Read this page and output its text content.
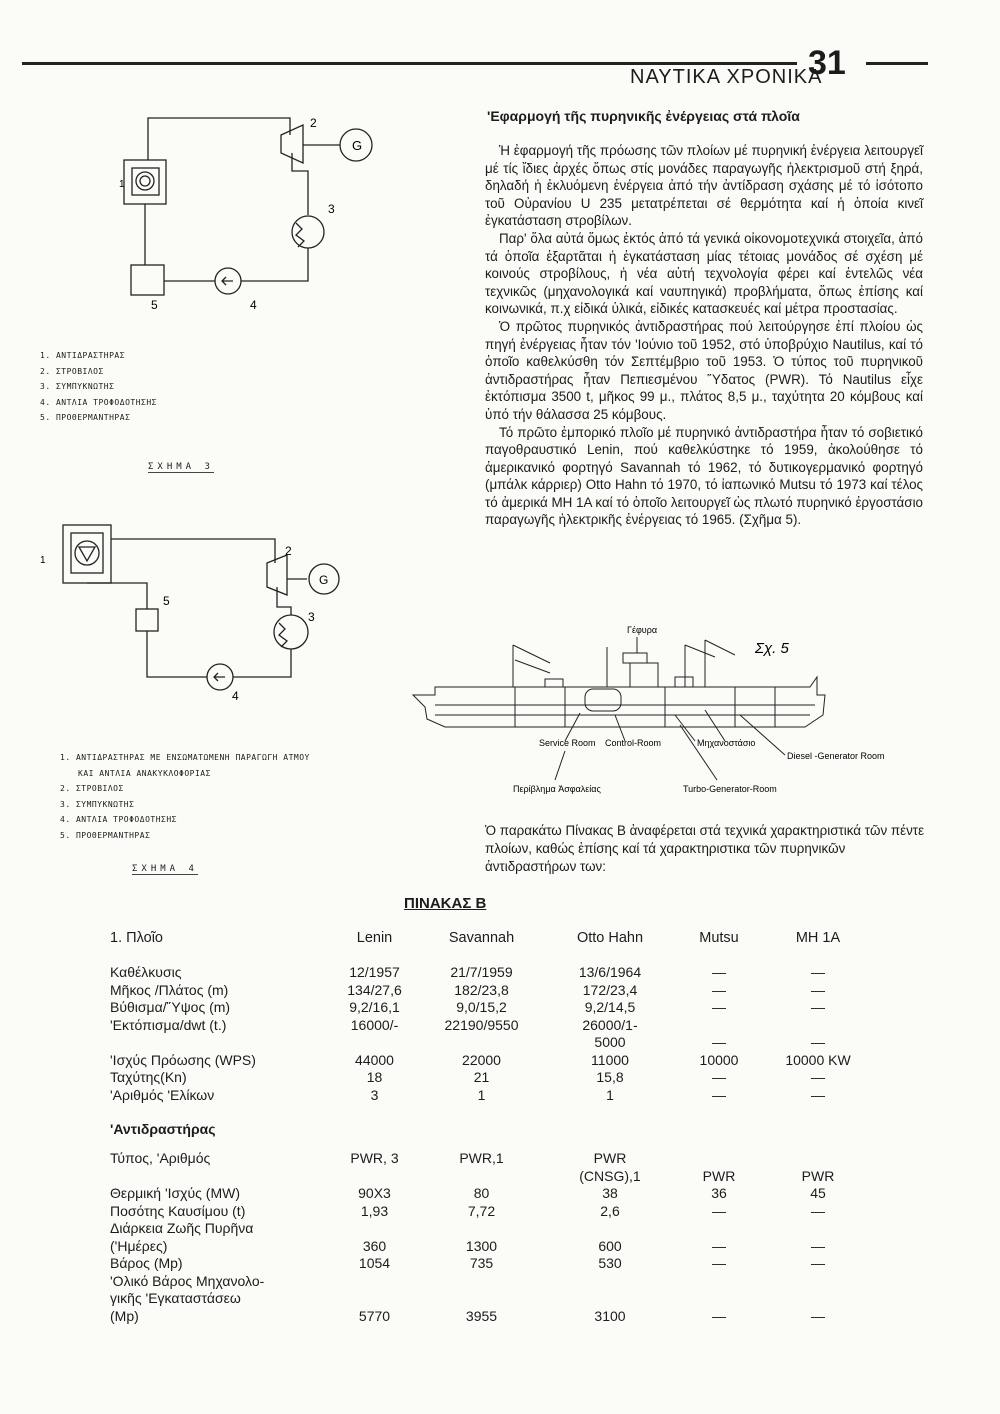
ΝΑΥΤΙΚΑ ΧΡΟΝΙΚΑ
31
G
1
2
3
4
5
1. ΑΝΤΙΔΡΑΣΤΗΡΑΣ
2. ΣΤΡΟΒΙΛΟΣ
3. ΣΥΜΠΥΚΝΩΤΗΣ
4. ΑΝΤΛΙΑ ΤΡΟΦΟΔΟΤΗΣΗΣ
5. ΠΡΟΘΕΡΜΑΝΤΗΡΑΣ
ΣΧΗΜΑ 3
G
1
2
3
4
5
1. ΑΝΤΙΔΡΑΣΤΗΡΑΣ ΜΕ ΕΝΣΩΜΑΤΩΜΕΝΗ ΠΑΡΑΓΩΓΗ ΑΤΜΟΥ
ΚΑΙ ΑΝΤΛΙΑ ΑΝΑΚΥΚΛΟΦΟΡΙΑΣ
2. ΣΤΡΟΒΙΛΟΣ
3. ΣΥΜΠΥΚΝΩΤΗΣ
4. ΑΝΤΛΙΑ ΤΡΟΦΟΔΟΤΗΣΗΣ
5. ΠΡΟΘΕΡΜΑΝΤΗΡΑΣ
ΣΧΗΜΑ 4
'Εφαρμογή τῆς πυρηνικῆς ἐνέργειας στά πλοῖα

Ἡ ἐφαρμογή τῆς πρόωσης τῶν πλοίων μέ πυρηνική ἐνέργεια λειτουργεῖ μέ τίς ἴδιες ἀρχές ὅπως στίς μονάδες παραγωγῆς ἠλεκτρισμοῦ στή ξηρά, δηλαδή ἡ ἐκλυόμενη ἐνέργεια ἀπό τήν ἀντίδραση σχάσης μέ τό ἰσότοπο τοῦ Οὐρανίου U 235 μετατρέπεται σέ θερμότητα καί ἡ ὁποία κινεῖ ἐγκατάσταση στροβίλων.

Παρ' ὅλα αὐτά ὅμως ἐκτός ἀπό τά γενικά οἰκονομοτεχνικά στοιχεῖα, ἀπό τά ὁποῖα ἐξαρτᾶται ἡ ἐγκατάσταση μίας τέτοιας μονάδος σέ σχέση μέ κοινούς στροβίλους, ἡ νέα αὐτή τεχνολογία φέρει καί ἐντελῶς νέα τεχνικῶς (μηχανολογικά καί ναυπηγικά) προβλήματα, ὅπως ἐπίσης καί κοινωνικά, π.χ εἰδικά ὑλικά, εἰδικές κατασκευές καί μέτρα προστασίας.

Ὁ πρῶτος πυρηνικός ἀντιδραστήρας πού λειτούργησε ἐπί πλοίου ὡς πηγή ἐνέργειας ἦταν τόν 'Ιούνιο τοῦ 1952, στό ὑποβρύχιο Nautilus, καί τό ὁποῖο καθελκύσθη τόν Σεπτέμβριο τοῦ 1953. Ὁ τύπος τοῦ πυρηνικοῦ ἀντιδραστήρας ἦταν Πεπιεσμένου Ὕδατος (PWR). Τό Nautilus εἶχε ἐκτόπισμα 3500 t, μῆκος 99 μ., πλάτος 8,5 μ., ταχύτητα 20 κόμβους καί ὑπό τήν θάλασσα 25 κόμβους.

Τό πρῶτο ἐμπορικό πλοῖο μέ πυρηνικό ἀντιδραστήρα ἦταν τό σοβιετικό παγοθραυστικό Lenin, πού καθελκύστηκε τό 1959, ἀκολούθησε τό ἀμερικανικό φορτηγό Savannah τό 1962, τό δυτικογερμανικό φορτηγό (μπάλκ κάρριερ) Otto Hahn τό 1970, τό ἰαπωνικό Mutsu τό 1973 καί τέλος τό ἀμερικά MH 1A καί τό ὁποῖο λειτουργεῖ ὡς πλωτό πυρηνικό ἐργοστάσιο παραγωγῆς ἠλεκτρικῆς ἐνέργειας τό 1965. (Σχῆμα 5).

Γέφυρα
Σχ. 5
Service Room Control-Room	Μηχανοστάσιο
Diesel -Generator Room
Περίβλημα Ἀσφαλείας	Turbo-Generator-Room
Ὁ παρακάτω Πίνακας Β ἀναφέρεται στά τεχνικά χαρακτηριστικά τῶν πέντε πλοίων, καθώς ἐπίσης καί τά χαρακτηριστικα τῶν πυρηνικῶν ἀντιδραστήρων των:
ΠΙΝΑΚΑΣ Β
1. Πλοῖο	Lenin	Savannah	Otto Hahn	Mutsu	MH 1A

Καθέλκυσις	12/1957	21/7/1959	13/6/1964	—	—
Μῆκος /Πλάτος (m)	134/27,6	182/23,8	172/23,4	—	—
Βύθισμα/Ὕψος (m)	9,2/16,1	9,0/15,2	9,2/14,5	—	—
'Εκτόπισμα/dwt (t.)	16000/-	22190/9550	26000/1-		
			5000	—	—
'Ισχύς Πρόωσης (WPS)	44000	22000	11000	10000	10000 KW
Ταχύτης(Kn)	18	21	15,8	—	—
'Αριθμός 'Ελίκων	3	1	1	—	—

'Αντιδραστήρας					

Τύπος, 'Αριθμός	PWR, 3	PWR,1	PWR		
			(CNSG),1	PWR	PWR
Θερμική 'Ισχύς (MW)	90X3	80	38	36	45
Ποσότης Καυσίμου (t)	1,93	7,72	2,6	—	—
Διάρκεια Ζωῆς Πυρῆνα					
('Ημέρες)	360	1300	600	—	—
Βάρος (Mp)	1054	735	530	—	—
'Ολικό Βάρος Μηχανολο-					
γικῆς 'Εγκαταστάσεω					
(Mp)	5770	3955	3100	—	—
